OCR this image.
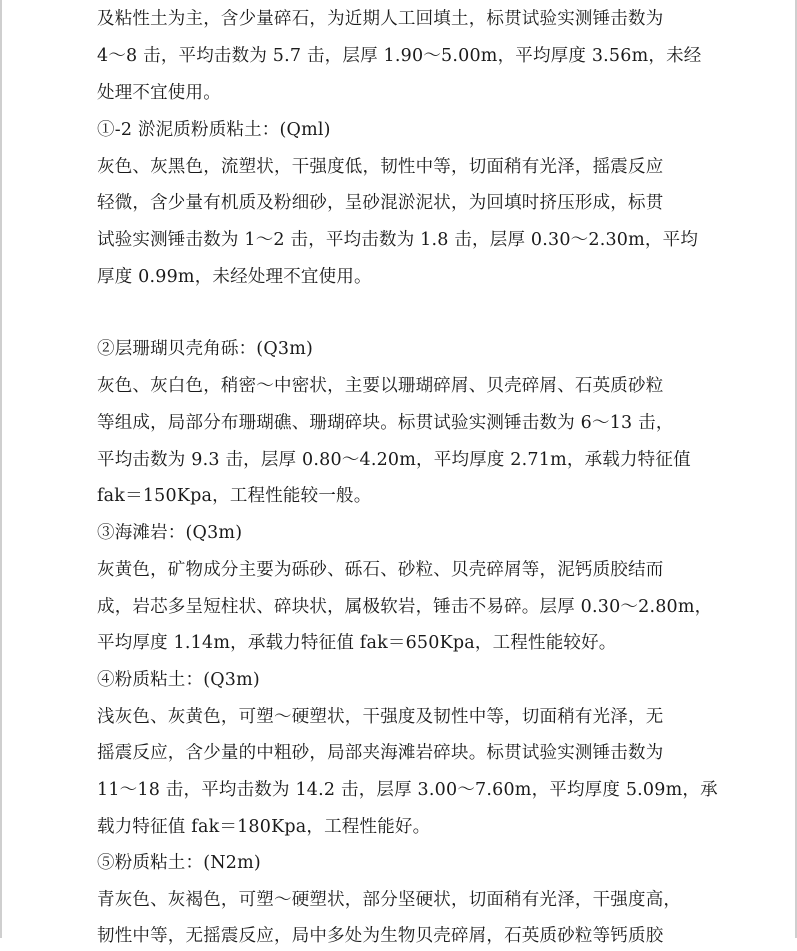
及粘性土为主，含少量碎石，为近期人工回填土，标贯试验实测锤击数为
4～8 击，平均击数为 5.7 击，层厚 1.90～5.00m，平均厚度 3.56m，未经
处理不宜使用。
①-2 淤泥质粉质粘土：(Qml)
灰色、灰黑色，流塑状，干强度低，韧性中等，切面稍有光泽，摇震反应
轻微，含少量有机质及粉细砂，呈砂混淤泥状，为回填时挤压形成，标贯
试验实测锤击数为 1～2 击，平均击数为 1.8 击，层厚 0.30～2.30m，平均
厚度 0.99m，未经处理不宜使用。
②层珊瑚贝壳角砾：(Q3m)
灰色、灰白色，稍密～中密状，主要以珊瑚碎屑、贝壳碎屑、石英质砂粒
等组成，局部分布珊瑚礁、珊瑚碎块。标贯试验实测锤击数为 6～13 击，
平均击数为 9.3 击，层厚 0.80～4.20m，平均厚度 2.71m，承载力特征值
fak＝150Kpa，工程性能较一般。
③海滩岩：(Q3m)
灰黄色，矿物成分主要为砾砂、砾石、砂粒、贝壳碎屑等，泥钙质胶结而
成，岩芯多呈短柱状、碎块状，属极软岩，锤击不易碎。层厚 0.30～2.80m，
平均厚度 1.14m，承载力特征值 fak＝650Kpa，工程性能较好。
④粉质粘土：(Q3m)
浅灰色、灰黄色，可塑～硬塑状，干强度及韧性中等，切面稍有光泽，无
摇震反应，含少量的中粗砂，局部夹海滩岩碎块。标贯试验实测锤击数为
11～18 击，平均击数为 14.2 击，层厚 3.00～7.60m，平均厚度 5.09m，承
载力特征值 fak＝180Kpa，工程性能好。
⑤粉质粘土：(N2m)
青灰色、灰褐色，可塑～硬塑状，部分坚硬状，切面稍有光泽，干强度高，
韧性中等，无摇震反应，局中多处为生物贝壳碎屑，石英质砂粒等钙质胶
